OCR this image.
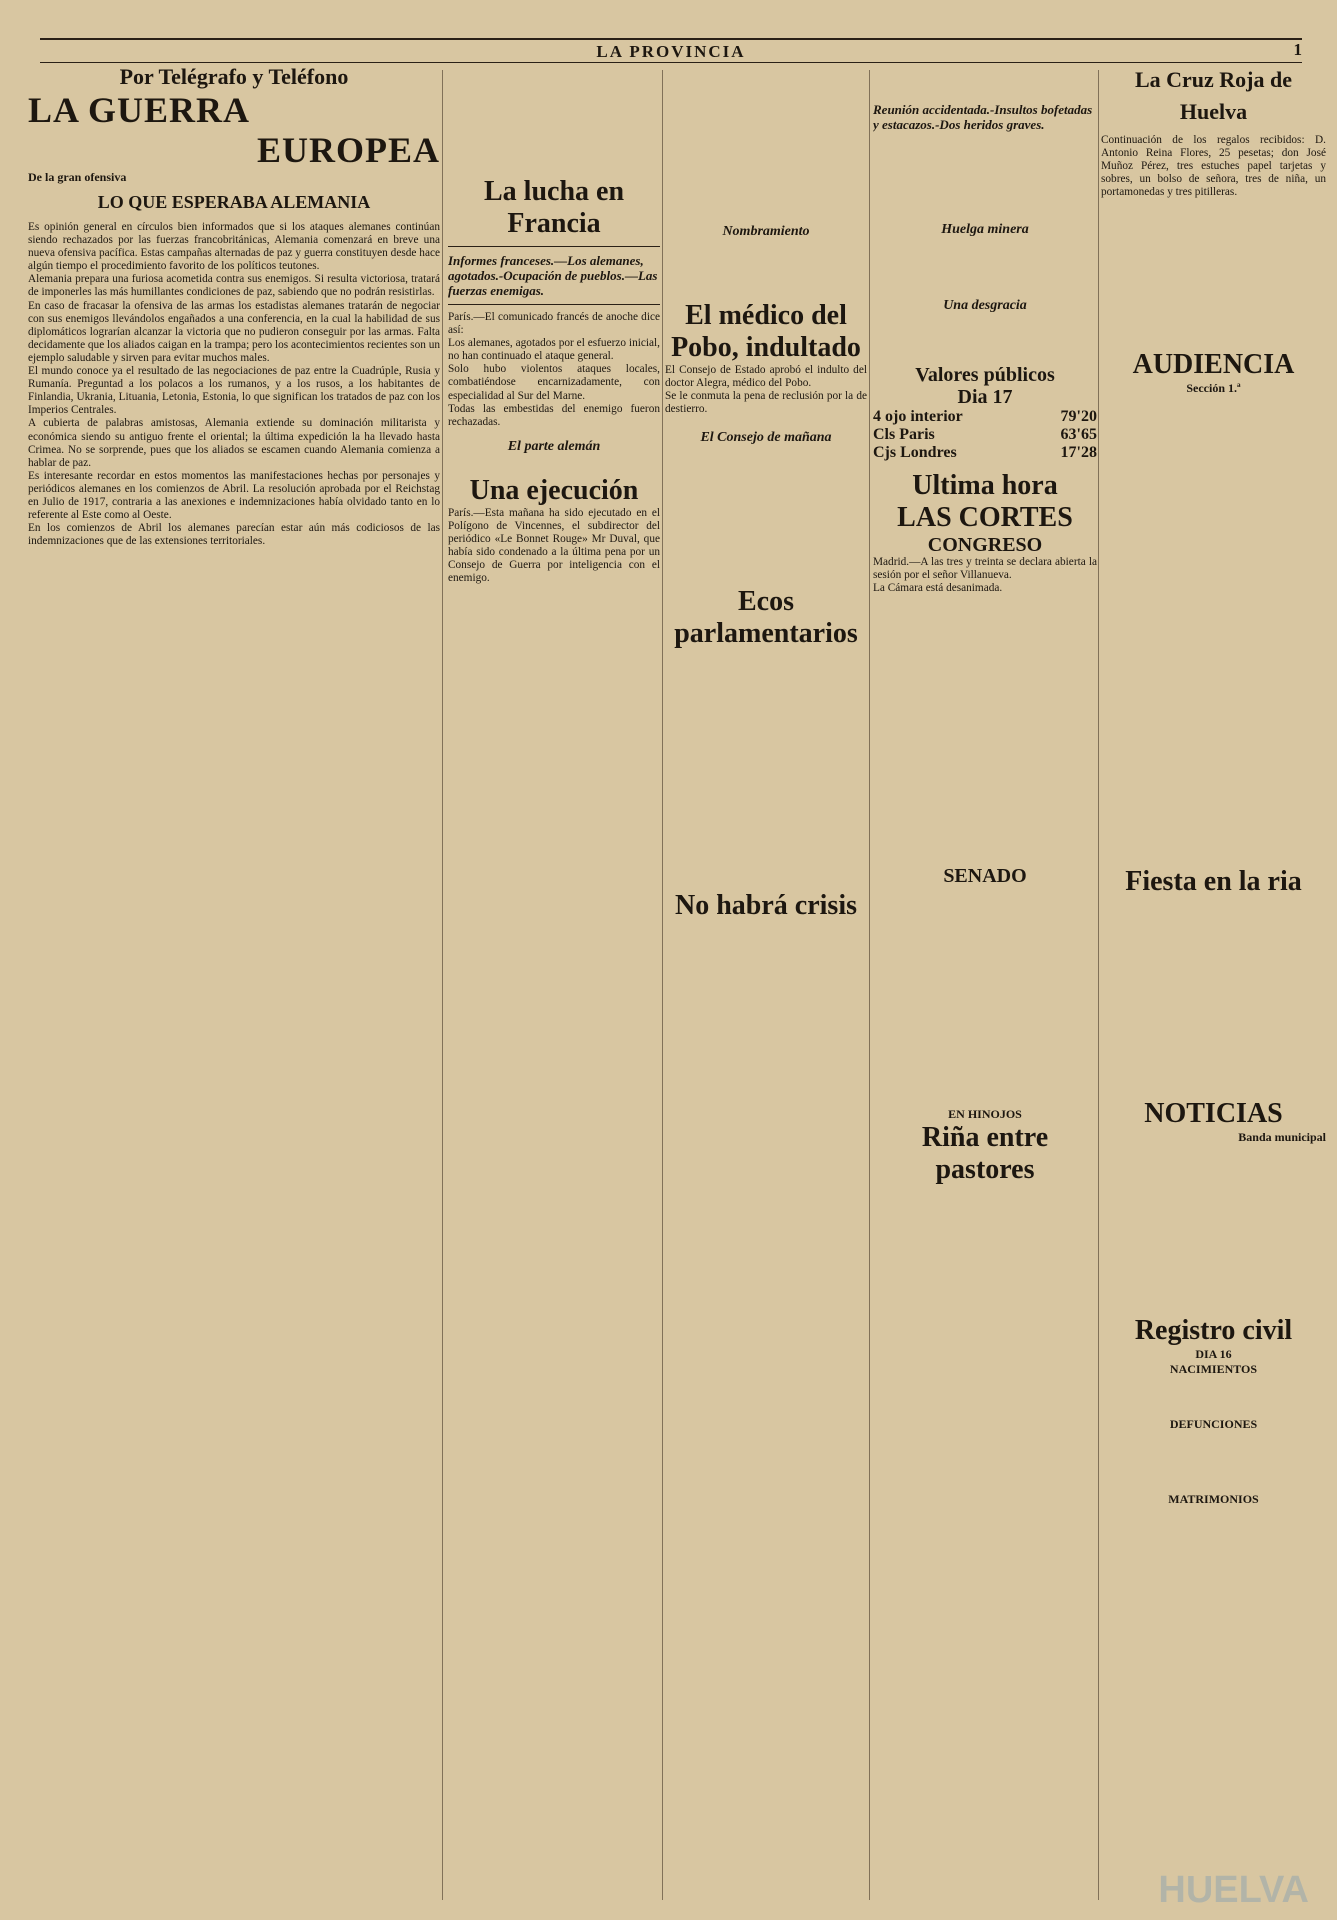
LA PROVINCIA	1
Por Telégrafo y Teléfono
LA GUERRA
EUROPEA
De la gran ofensiva
LO QUE ESPERABA ALEMANIA
Es opinión general en círculos bien informados que si los ataques alemanes continúan siendo rechazados por las fuerzas francobritánicas, Alemania comenzará en breve una nueva ofensiva pacífica. Estas campañas alternadas de paz y guerra constituyen desde hace algún tiempo el procedimiento favorito de los políticos teutones.
Alemania prepara una furiosa acometida contra sus enemigos. Si resulta victoriosa, tratará de imponerles las más humillantes condiciones de paz, sabiendo que no podrán resistirlas.
En caso de fracasar la ofensiva de las armas los estadistas alemanes tratarán de negociar con sus enemigos llevándolos engañados a una conferencia, en la cual la habilidad de sus diplomáticos lograrían alcanzar la victoria que no pudieron conseguir por las armas. Falta decidamente que los aliados caigan en la trampa; pero los acontecimientos recientes son un ejemplo saludable y sirven para evitar muchos males.
El mundo conoce ya el resultado de las negociaciones de paz entre la Cuadrúple, Rusia y Rumanía. Preguntad a los polacos a los rumanos, y a los rusos, a los habitantes de Finlandia, Ukrania, Lituania, Letonia, Estonia, lo que significan los tratados de paz con los Imperios Centrales.
A cubierta de palabras amistosas, Alemania extiende su dominación militarista y económica siendo su antiguo frente el oriental; la última expedición la ha llevado hasta Crimea. No se sorprende, pues que los aliados se escamen cuando Alemania comienza a hablar de paz.
Es interesante recordar en estos momentos las manifestaciones hechas por personajes y periódicos alemanes en los comienzos de Abril. La resolución aprobada por el Reichstag en Julio de 1917, contraria a las anexiones e indemnizaciones había olvidado tanto en lo referente al Este como al Oeste.
En los comienzos de Abril los alemanes parecían estar aún más codiciosos de las indemnizaciones que de las extensiones territoriales.
La lucha en Francia
Informes franceses.—Los alemanes, agotados.-Ocupación de pueblos.—Las fuerzas enemigas.
París.—El comunicado francés de anoche dice así:
Los alemanes, agotados por el esfuerzo inicial, no han continuado el ataque general.
Solo hubo violentos ataques locales, combatiéndose encarnizadamente, con especialidad al Sur del Marne.
Todas las embestidas del enemigo fueron rechazadas.
El parte alemán
Una ejecución
París.—Esta mañana ha sido ejecutado en el Polígono de Vincennes, el subdirector del periódico «Le Bonnet Rouge» Mr Duval, que había sido condenado a la última pena por un Consejo de Guerra por inteligencia con el enemigo.
Nombramiento
El médico del Pobo, indultado
El Consejo de Estado aprobó el indulto del doctor Alegra, médico del Pobo.
Se le conmuta la pena de reclusión por la de destierro.
El Consejo de mañana
Ecos parlamentarios
No habrá crisis
Reunión accidentada.-Insultos bofetadas y estacazos.-Dos heridos graves.
Huelga minera
Una desgracia
Valores públicos
Dia 17
4 ojo interior	79'20
Cls Paris	63'65
Cjs Londres	17'28
Ultima hora
LAS CORTES
CONGRESO
Madrid.—A las tres y treinta se declara abierta la sesión por el señor Villanueva.
La Cámara está desanimada.
SENADO
EN HINOJOS
Riña entre pastores
La Cruz Roja de Huelva
Continuación de los regalos recibidos: D. Antonio Reina Flores, 25 pesetas; don José Muñoz Pérez, tres estuches papel tarjetas y sobres, un bolso de señora, tres de niña, un portamonedas y tres pitilleras.
AUDIENCIA
Sección 1.ª
Fiesta en la ria
NOTICIAS
Banda municipal
Registro civil
DIA 16
NACIMIENTOS
DEFUNCIONES
MATRIMONIOS
HUELVA
